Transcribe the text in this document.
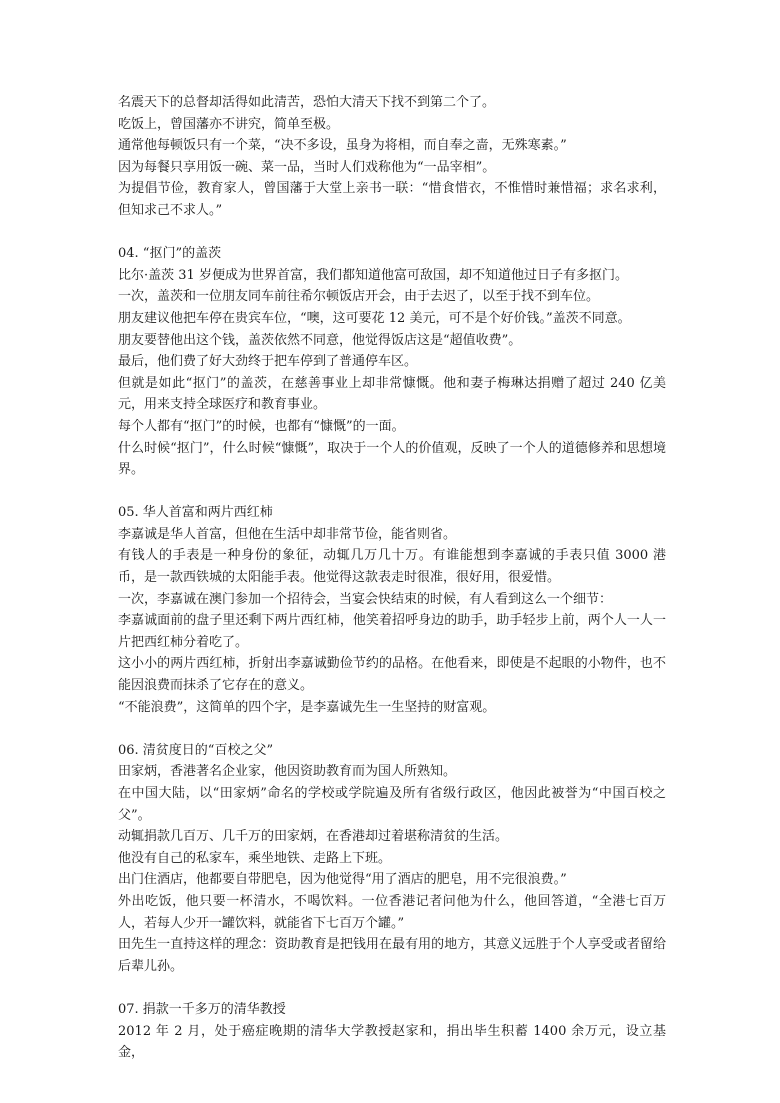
名震天下的总督却活得如此清苦，恐怕大清天下找不到第二个了。

吃饭上，曾国藩亦不讲究，简单至极。

通常他每顿饭只有一个菜，“决不多设，虽身为将相，而自奉之啬，无殊寒素。”

因为每餐只享用饭一碗、菜一品，当时人们戏称他为“一品宰相”。

为提倡节俭，教育家人，曾国藩于大堂上亲书一联：“惜食惜衣，不惟惜时兼惜福；求名求利，但知求己不求人。”

04. “抠门”的盖茨

比尔·盖茨 31 岁便成为世界首富，我们都知道他富可敌国，却不知道他过日子有多抠门。

一次，盖茨和一位朋友同车前往希尔顿饭店开会，由于去迟了，以至于找不到车位。

朋友建议他把车停在贵宾车位，“噢，这可要花 12 美元，可不是个好价钱。”盖茨不同意。

朋友要替他出这个钱，盖茨依然不同意，他觉得饭店这是“超值收费”。

最后，他们费了好大劲终于把车停到了普通停车区。

但就是如此“抠门”的盖茨，在慈善事业上却非常慷慨。他和妻子梅琳达捐赠了超过 240 亿美元，用来支持全球医疗和教育事业。

每个人都有“抠门”的时候，也都有“慷慨”的一面。

什么时候“抠门”，什么时候“慷慨”，取决于一个人的价值观，反映了一个人的道德修养和思想境界。

05. 华人首富和两片西红柿

李嘉诚是华人首富，但他在生活中却非常节俭，能省则省。

有钱人的手表是一种身份的象征，动辄几万几十万。有谁能想到李嘉诚的手表只值 3000 港币，是一款西铁城的太阳能手表。他觉得这款表走时很准，很好用，很爱惜。

一次，李嘉诚在澳门参加一个招待会，当宴会快结束的时候，有人看到这么一个细节：

李嘉诚面前的盘子里还剩下两片西红柿，他笑着招呼身边的助手，助手轻步上前，两个人一人一片把西红柿分着吃了。

这小小的两片西红柿，折射出李嘉诚勤俭节约的品格。在他看来，即使是不起眼的小物件，也不能因浪费而抹杀了它存在的意义。

“不能浪费”，这简单的四个字，是李嘉诚先生一生坚持的财富观。

06. 清贫度日的“百校之父”

田家炳，香港著名企业家，他因资助教育而为国人所熟知。

在中国大陆，以“田家炳”命名的学校或学院遍及所有省级行政区，他因此被誉为“中国百校之父”。

动辄捐款几百万、几千万的田家炳，在香港却过着堪称清贫的生活。

他没有自己的私家车，乘坐地铁、走路上下班。

出门住酒店，他都要自带肥皂，因为他觉得“用了酒店的肥皂，用不完很浪费。”

外出吃饭，他只要一杯清水，不喝饮料。一位香港记者问他为什么，他回答道，“全港七百万人，若每人少开一罐饮料，就能省下七百万个罐。”

田先生一直持这样的理念：资助教育是把钱用在最有用的地方，其意义远胜于个人享受或者留给后辈儿孙。

07. 捐款一千多万的清华教授

2012 年 2 月，处于癌症晚期的清华大学教授赵家和，捐出毕生积蓄 1400 余万元，设立基金，
